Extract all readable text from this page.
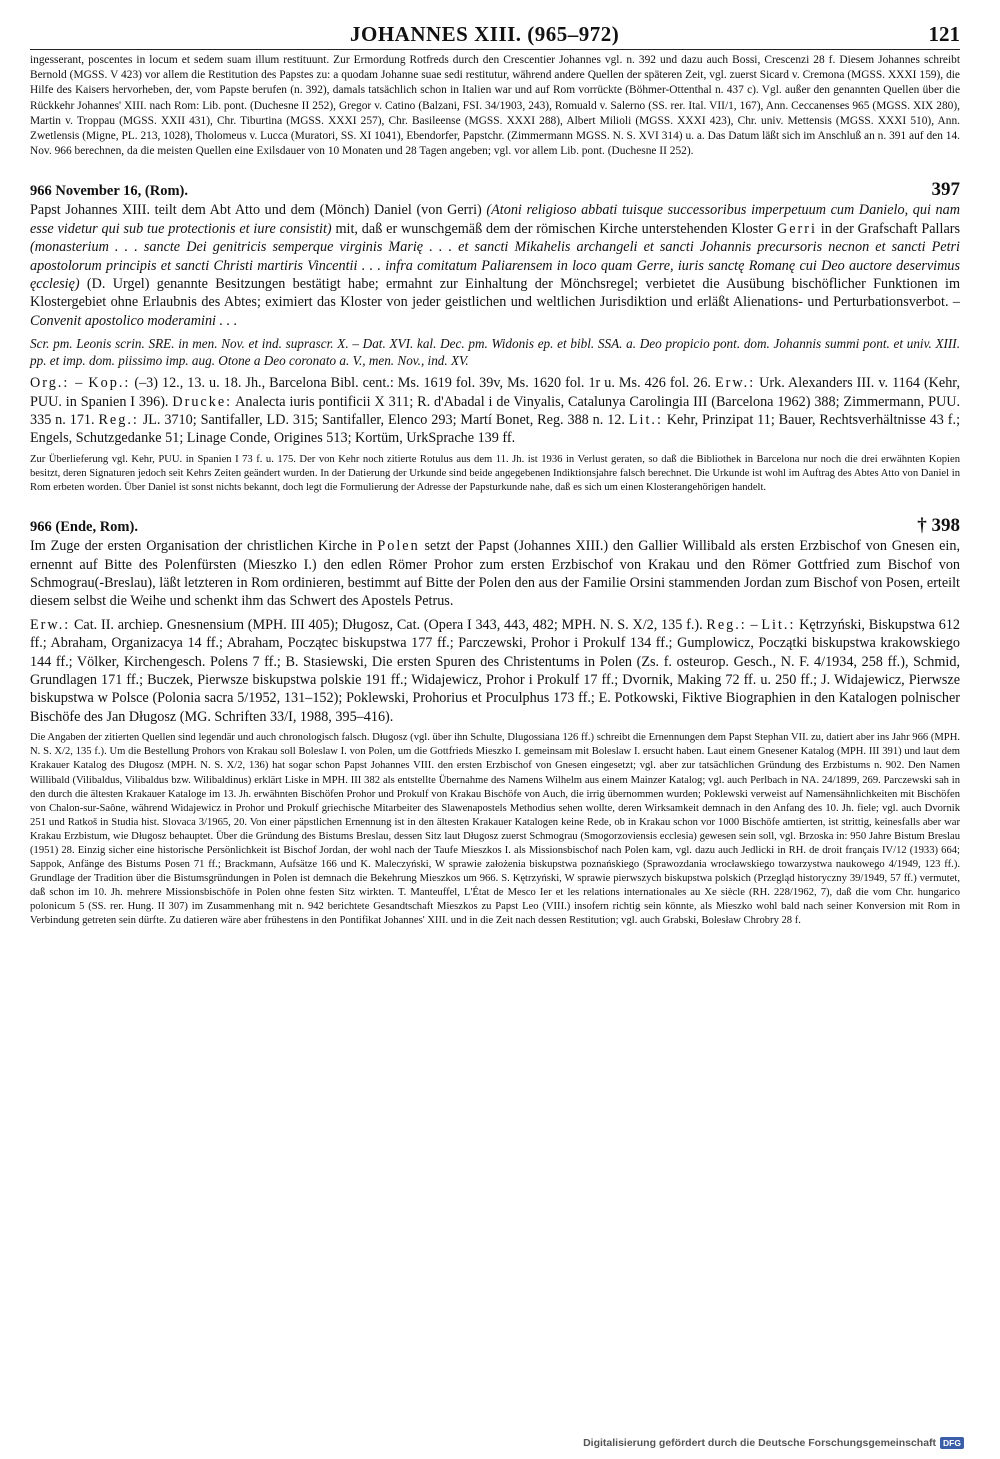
JOHANNES XIII. (965–972)	121

ingesserant, poscentes in locum et sedem suam illum restituunt. Zur Ermordung Rotfreds durch den Crescentier Johannes vgl. n. 392 und dazu auch Bossi, Crescenzi 28 f. Diesem Johannes schreibt Bernold (MGSS. V 423) vor allem die Restitution des Papstes zu: a quodam Johanne suae sedi restitutur, während andere Quellen der späteren Zeit, vgl. zuerst Sicard v. Cremona (MGSS. XXXI 159), die Hilfe des Kaisers hervorheben, der, vom Papste berufen (n. 392), damals tatsächlich schon in Italien war und auf Rom vorrückte (Böhmer-Ottenthal n. 437 c). Vgl. außer den genannten Quellen über die Rückkehr Johannes' XIII. nach Rom: Lib. pont. (Duchesne II 252), Gregor v. Catino (Balzani, FSI. 34/1903, 243), Romuald v. Salerno (SS. rer. Ital. VII/1, 167), Ann. Ceccanenses 965 (MGSS. XIX 280), Martin v. Troppau (MGSS. XXII 431), Chr. Tiburtina (MGSS. XXXI 257), Chr. Basileense (MGSS. XXXI 288), Albert Milioli (MGSS. XXXI 423), Chr. univ. Mettensis (MGSS. XXXI 510), Ann. Zwetlensis (Migne, PL. 213, 1028), Tholomeus v. Lucca (Muratori, SS. XI 1041), Ebendorfer, Papstchr. (Zimmermann MGSS. N. S. XVI 314) u. a. Das Datum läßt sich im Anschluß an n. 391 auf den 14. Nov. 966 berechnen, da die meisten Quellen eine Exilsdauer von 10 Monaten und 28 Tagen angeben; vgl. vor allem Lib. pont. (Duchesne II 252).

966 November 16, (Rom).	397

Papst Johannes XIII. teilt dem Abt Atto und dem (Mönch) Daniel (von Gerri) (Atoni religioso abbati tuisque successoribus imperpetuum cum Danielo, qui nam esse videtur qui sub tue protectionis et iure consistit) mit, daß er wunschgemäß dem der römischen Kirche unterstehenden Kloster Gerri in der Grafschaft Pallars (monasterium . . . sancte Dei genitricis semperque virginis Marię . . . et sancti Mikahelis archangeli et sancti Johannis precursoris necnon et sancti Petri apostolorum principis et sancti Christi martiris Vincentii . . . infra comitatum Paliarensem in loco quam Gerre, iuris sanctę Romanę cui Deo auctore deservimus ęcclesię) (D. Urgel) genannte Besitzungen bestätigt habe; ermahnt zur Einhaltung der Mönchsregel; verbietet die Ausübung bischöflicher Funktionen im Klostergebiet ohne Erlaubnis des Abtes; eximiert das Kloster von jeder geistlichen und weltlichen Jurisdiktion und erläßt Alienations- und Perturbationsverbot. – Convenit apostolico moderamini . . .

Scr. pm. Leonis scrin. SRE. in men. Nov. et ind. suprascr. X. – Dat. XVI. kal. Dec. pm. Widonis ep. et bibl. SSA. a. Deo propicio pont. dom. Johannis summi pont. et univ. XIII. pp. et imp. dom. piissimo imp. aug. Otone a Deo coronato a. V., men. Nov., ind. XV.

Org.: – Kop.: (–3) 12., 13. u. 18. Jh., Barcelona Bibl. cent.: Ms. 1619 fol. 39v, Ms. 1620 fol. 1r u. Ms. 426 fol. 26. Erw.: Urk. Alexanders III. v. 1164 (Kehr, PUU. in Spanien I 396). Drucke: Analecta iuris pontificii X 311; R. d'Abadal i de Vinyalis, Catalunya Carolingia III (Barcelona 1962) 388; Zimmermann, PUU. 335 n. 171. Reg.: JL. 3710; Santifaller, LD. 315; Santifaller, Elenco 293; Martí Bonet, Reg. 388 n. 12. Lit.: Kehr, Prinzipat 11; Bauer, Rechtsverhältnisse 43 f.; Engels, Schutzgedanke 51; Linage Conde, Origines 513; Kortüm, UrkSprache 139 ff.

Zur Überlieferung vgl. Kehr, PUU. in Spanien I 73 f. u. 175. Der von Kehr noch zitierte Rotulus aus dem 11. Jh. ist 1936 in Verlust geraten, so daß die Bibliothek in Barcelona nur noch die drei erwähnten Kopien besitzt, deren Signaturen jedoch seit Kehrs Zeiten geändert wurden. In der Datierung der Urkunde sind beide angegebenen Indiktionsjahre falsch berechnet. Die Urkunde ist wohl im Auftrag des Abtes Atto von Daniel in Rom erbeten worden. Über Daniel ist sonst nichts bekannt, doch legt die Formulierung der Adresse der Papsturkunde nahe, daß es sich um einen Klosterangehörigen handelt.

966 (Ende, Rom).	† 398

Im Zuge der ersten Organisation der christlichen Kirche in Polen setzt der Papst (Johannes XIII.) den Gallier Willibald als ersten Erzbischof von Gnesen ein, ernennt auf Bitte des Polenfürsten (Mieszko I.) den edlen Römer Prohor zum ersten Erzbischof von Krakau und den Römer Gottfried zum Bischof von Schmograu(-Breslau), läßt letzteren in Rom ordinieren, bestimmt auf Bitte der Polen den aus der Familie Orsini stammenden Jordan zum Bischof von Posen, erteilt diesem selbst die Weihe und schenkt ihm das Schwert des Apostels Petrus.

Erw.: Cat. II. archiep. Gnesnensium (MPH. III 405); Długosz, Cat. (Opera I 343, 443, 482; MPH. N. S. X/2, 135 f.). Reg.: – Lit.: Kętrzyński, Biskupstwa 612 ff.; Abraham, Organizacya 14 ff.; Abraham, Początec biskupstwa 177 ff.; Parczewski, Prohor i Prokulf 134 ff.; Gumplowicz, Początki biskupstwa krakowskiego 144 ff.; Völker, Kirchengesch. Polens 7 ff.; B. Stasiewski, Die ersten Spuren des Christentums in Polen (Zs. f. osteurop. Gesch., N. F. 4/1934, 258 ff.), Schmid, Grundlagen 171 ff.; Buczek, Pierwsze biskupstwa polskie 191 ff.; Widajewicz, Prohor i Prokulf 17 ff.; Dvornik, Making 72 ff. u. 250 ff.; J. Widajewicz, Pierwsze biskupstwa w Polsce (Polonia sacra 5/1952, 131–152); Poklewski, Prohorius et Proculphus 173 ff.; E. Potkowski, Fiktive Biographien in den Katalogen polnischer Bischöfe des Jan Długosz (MG. Schriften 33/I, 1988, 395–416).

Die Angaben der zitierten Quellen sind legendär und auch chronologisch falsch. Długosz (vgl. über ihn Schulte, Dlugossiana 126 ff.) schreibt die Ernennungen dem Papst Stephan VII. zu, datiert aber ins Jahr 966 (MPH. N. S. X/2, 135 f.). Um die Bestellung Prohors von Krakau soll Boleslaw I. von Polen, um die Gottfrieds Mieszko I. gemeinsam mit Boleslaw I. ersucht haben. Laut einem Gnesener Katalog (MPH. III 391) und laut dem Krakauer Katalog des Długosz (MPH. N. S. X/2, 136) hat sogar schon Papst Johannes VIII. den ersten Erzbischof von Gnesen eingesetzt; vgl. aber zur tatsächlichen Gründung des Erzbistums n. 902. Den Namen Willibald (Vilibaldus, Vilibaldus bzw. Wilibaldinus) erklärt Liske in MPH. III 382 als entstellte Übernahme des Namens Wilhelm aus einem Mainzer Katalog; vgl. auch Perlbach in NA. 24/1899, 269. Parczewski sah in den durch die ältesten Krakauer Kataloge im 13. Jh. erwähnten Bischöfen Prohor und Prokulf von Krakau Bischöfe von Auch, die irrig übernommen wurden; Poklewski verweist auf Namensähnlichkeiten mit Bischöfen von Chalon-sur-Saône, während Widajewicz in Prohor und Prokulf griechische Mitarbeiter des Slawenapostels Methodius sehen wollte, deren Wirksamkeit demnach in den Anfang des 10. Jh. fiele; vgl. auch Dvornik 251 und Ratkoš in Studia hist. Slovaca 3/1965, 20. Von einer päpstlichen Ernennung ist in den ältesten Krakauer Katalogen keine Rede, ob in Krakau schon vor 1000 Bischöfe amtierten, ist strittig, keinesfalls aber war Krakau Erzbistum, wie Długosz behauptet. Über die Gründung des Bistums Breslau, dessen Sitz laut Długosz zuerst Schmograu (Smogorzoviensis ecclesia) gewesen sein soll, vgl. Brzoska in: 950 Jahre Bistum Breslau (1951) 28. Einzig sicher eine historische Persönlichkeit ist Bischof Jordan, der wohl nach der Taufe Mieszkos I. als Missionsbischof nach Polen kam, vgl. dazu auch Jedlicki in RH. de droit français IV/12 (1933) 664; Sappok, Anfänge des Bistums Posen 71 ff.; Brackmann, Aufsätze 166 und K. Maleczyński, W sprawie założenia biskupstwa poznańskiego (Sprawozdania wrocławskiego towarzystwa naukowego 4/1949, 123 ff.). Grundlage der Tradition über die Bistumsgründungen in Polen ist demnach die Bekehrung Mieszkos um 966. S. Kętrzyński, W sprawie pierwszych biskupstwa polskich (Przegląd historyczny 39/1949, 57 ff.) vermutet, daß schon im 10. Jh. mehrere Missionsbischöfe in Polen ohne festen Sitz wirkten. T. Manteuffel, L'État de Mesco Ier et les relations internationales au Xe siècle (RH. 228/1962, 7), daß die vom Chr. hungarico polonicum 5 (SS. rer. Hung. II 307) im Zusammenhang mit n. 942 berichtete Gesandtschaft Mieszkos zu Papst Leo (VIII.) insofern richtig sein könnte, als Mieszko wohl bald nach seiner Konversion mit Rom in Verbindung getreten sein dürfte. Zu datieren wäre aber frühestens in den Pontifikat Johannes' XIII. und in die Zeit nach dessen Restitution; vgl. auch Grabski, Bolesław Chrobry 28 f.

Digitalisierung gefördert durch die Deutsche Forschungsgemeinschaft DFG
